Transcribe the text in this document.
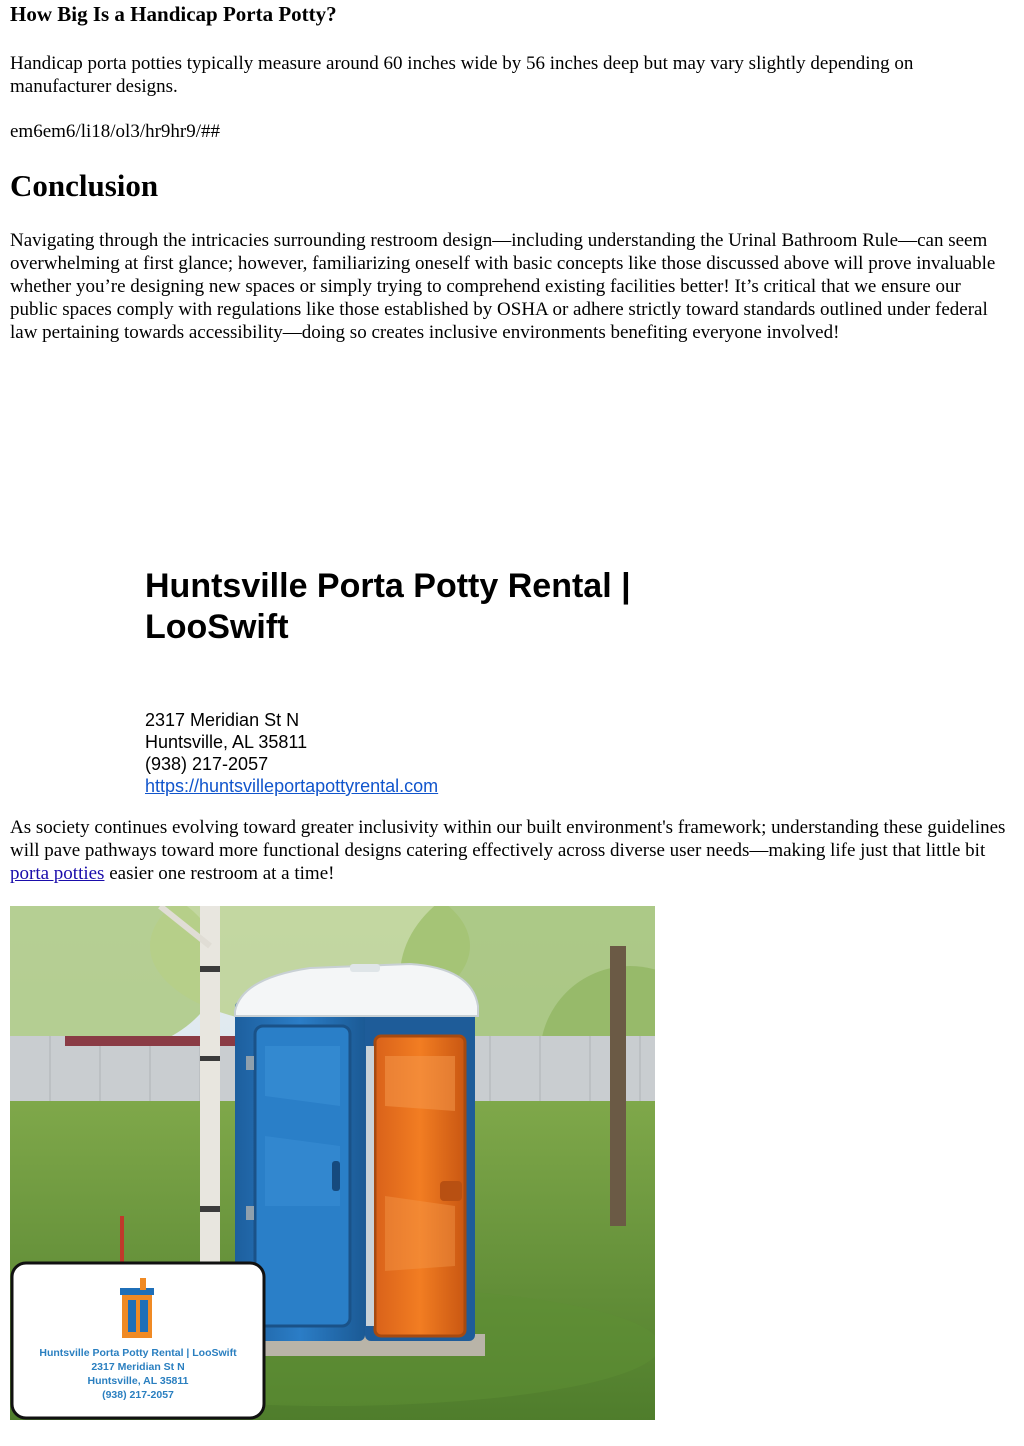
How Big Is a Handicap Porta Potty?

Handicap porta potties typically measure around 60 inches wide by 56 inches deep but may vary slightly depending on manufacturer designs.

em6em6/li18/ol3/hr9hr9/##

Conclusion

Navigating through the intricacies surrounding restroom design—including understanding the Urinal Bathroom Rule—can seem overwhelming at first glance; however, familiarizing oneself with basic concepts like those discussed above will prove invaluable whether you’re designing new spaces or simply trying to comprehend existing facilities better! It’s critical that we ensure our public spaces comply with regulations like those established by OSHA or adhere strictly toward standards outlined under federal law pertaining towards accessibility—doing so creates inclusive environments benefiting everyone involved!

Huntsville Porta Potty Rental | LooSwift
2317 Meridian St N
Huntsville, AL 35811
(938) 217-2057
https://huntsvilleportapottyrental.com

As society continues evolving toward greater inclusivity within our built environment's framework; understanding these guidelines will pave pathways toward more functional designs catering effectively across diverse user needs—making life just that little bit porta potties easier one restroom at a time!

Huntsville Porta Potty Rental | LooSwift
2317 Meridian St N
Huntsville, AL 35811
(938) 217-2057
